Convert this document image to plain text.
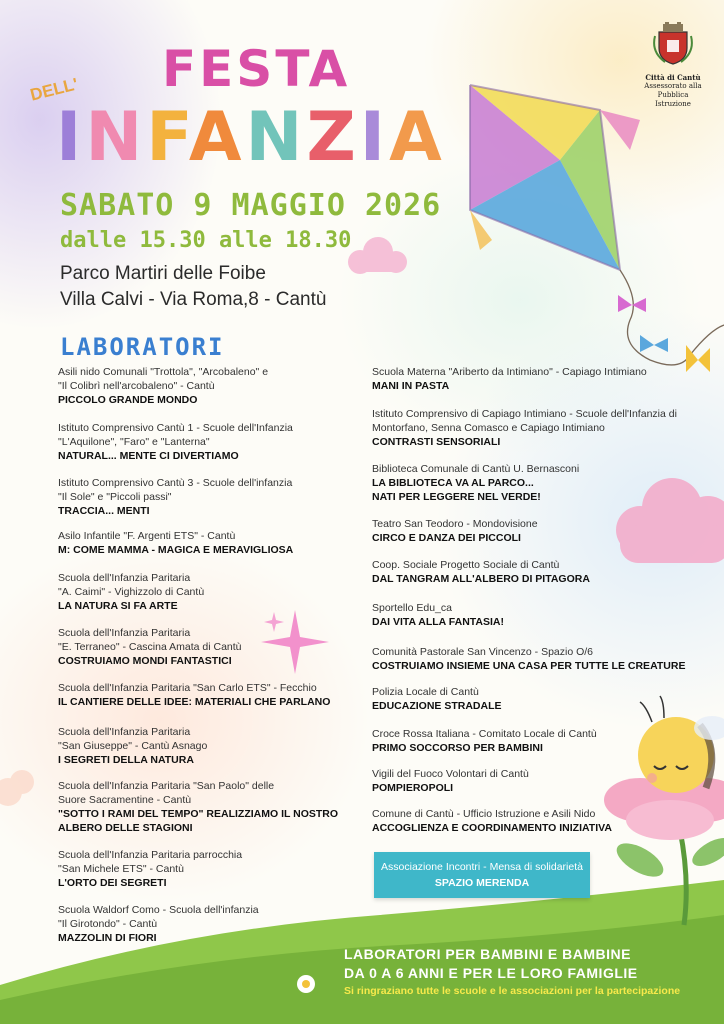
DELL' FESTA
INFANZIA
Città di Cantù
Assessorato alla
Pubblica Istruzione
SABATO 9 MAGGIO 2026
dalle 15.30 alle 18.30
Parco Martiri delle Foibe
Villa Calvi - Via Roma,8 - Cantù
LABORATORI
Asili nido Comunali "Trottola", "Arcobaleno" e
"Il Colibrì nell'arcobaleno" - Cantù
PICCOLO GRANDE MONDO
Istituto Comprensivo Cantù 1 - Scuole dell'Infanzia
"L'Aquilone", "Faro" e "Lanterna"
NATURAL... MENTE CI DIVERTIAMO
Istituto Comprensivo Cantù 3 - Scuole dell'infanzia
"Il Sole" e "Piccoli passi"
TRACCIA... MENTI
Asilo Infantile "F. Argenti ETS" - Cantù
M: COME MAMMA - MAGICA E MERAVIGLIOSA
Scuola dell'Infanzia Paritaria
"A. Caimi" - Vighizzolo di Cantù
LA NATURA SI FA ARTE
Scuola dell'Infanzia Paritaria
"E. Terraneo" - Cascina Amata di Cantù
COSTRUIAMO MONDI FANTASTICI
Scuola dell'Infanzia Paritaria "San Carlo ETS" - Fecchio
IL CANTIERE DELLE IDEE: MATERIALI CHE PARLANO
Scuola dell'Infanzia Paritaria
"San Giuseppe" - Cantù Asnago
I SEGRETI DELLA NATURA
Scuola dell'Infanzia Paritaria "San Paolo" delle
Suore Sacramentine - Cantù
"SOTTO I RAMI DEL TEMPO" REALIZZIAMO IL NOSTRO
ALBERO DELLE STAGIONI
Scuola dell'Infanzia Paritaria parrocchia
"San Michele ETS" - Cantù
L'ORTO DEI SEGRETI
Scuola Waldorf Como - Scuola dell'infanzia
"Il Girotondo" - Cantù
MAZZOLIN DI FIORI
Scuola Materna "Ariberto da Intimiano" - Capiago Intimiano
MANI IN PASTA
Istituto Comprensivo di Capiago Intimiano - Scuole dell'Infanzia di
Montorfano, Senna Comasco e Capiago Intimiano
CONTRASTI SENSORIALI
Biblioteca Comunale di Cantù U. Bernasconi
LA BIBLIOTECA VA AL PARCO...
NATI PER LEGGERE NEL VERDE!
Teatro San Teodoro - Mondovisione
CIRCO E DANZA DEI PICCOLI
Coop. Sociale Progetto Sociale di Cantù
DAL TANGRAM ALL'ALBERO DI PITAGORA
Sportello Edu_ca
DAI VITA ALLA FANTASIA!
Comunità Pastorale San Vincenzo - Spazio O/6
COSTRUIAMO INSIEME UNA CASA PER TUTTE LE CREATURE
Polizia Locale di Cantù
EDUCAZIONE STRADALE
Croce Rossa Italiana - Comitato Locale di Cantù
PRIMO SOCCORSO PER BAMBINI
Vigili del Fuoco Volontari di Cantù
POMPIEROPOLI
Comune di Cantù - Ufficio Istruzione e Asili Nido
ACCOGLIENZA E COORDINAMENTO INIZIATIVA
Associazione Incontri - Mensa di solidarietà
SPAZIO MERENDA
LABORATORI PER BAMBINI E BAMBINE
DA 0 A 6 ANNI E PER LE LORO FAMIGLIE
Si ringraziano tutte le scuole e le associazioni per la partecipazione
